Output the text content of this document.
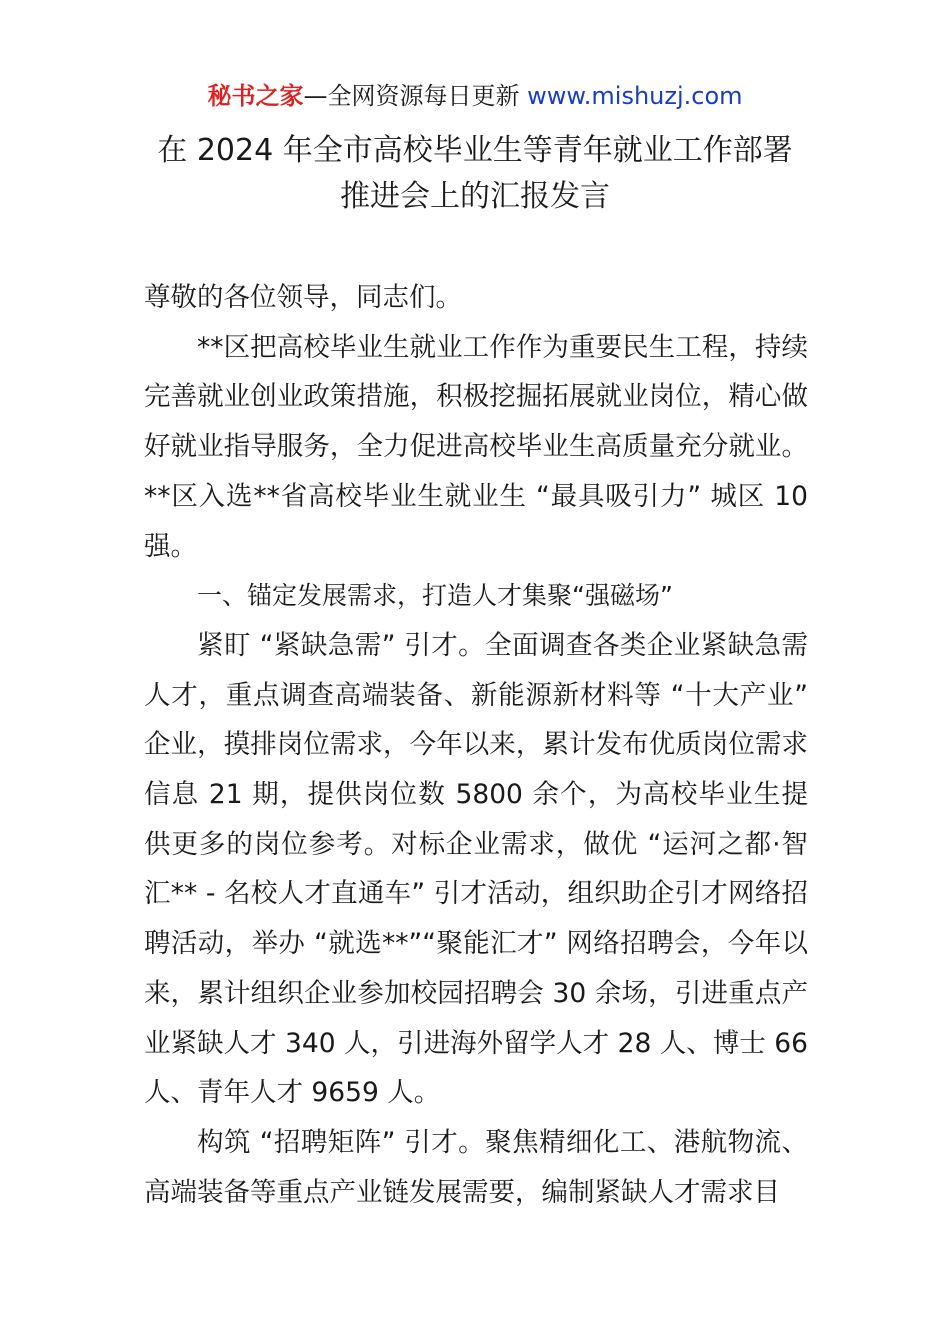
秘书之家—全网资源每日更新 www.mishuzj.com
在 2024 年全市高校毕业生等青年就业工作部署
推进会上的汇报发言

尊敬的各位领导，同志们。

**区把高校毕业生就业工作作为重要民生工程，持续完善就业创业政策措施，积极挖掘拓展就业岗位，精心做好就业指导服务，全力促进高校毕业生高质量充分就业。**区入选**省高校毕业生就业生 “最具吸引力” 城区 10 强。

一、锚定发展需求，打造人才集聚“强磁场”

紧盯 “紧缺急需” 引才。全面调查各类企业紧缺急需人才，重点调查高端装备、新能源新材料等 “十大产业” 企业，摸排岗位需求，今年以来，累计发布优质岗位需求信息 21 期，提供岗位数 5800 余个，为高校毕业生提供更多的岗位参考。对标企业需求，做优 “运河之都·智汇** - 名校人才直通车” 引才活动，组织助企引才网络招聘活动，举办 “就选**”“聚能汇才” 网络招聘会，今年以来，累计组织企业参加校园招聘会 30 余场，引进重点产业紧缺人才 340 人，引进海外留学人才 28 人、博士 66 人、青年人才 9659 人。

构筑 “招聘矩阵” 引才。聚焦精细化工、港航物流、高端装备等重点产业链发展需要，编制紧缺人才需求目
